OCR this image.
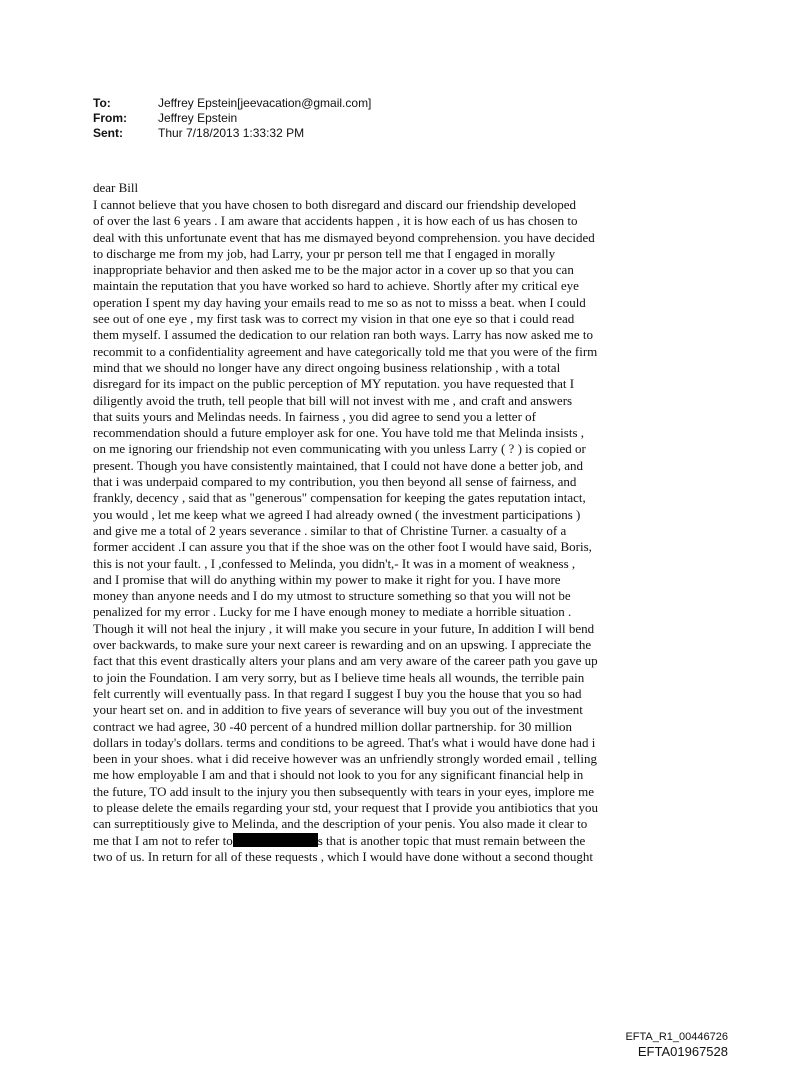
To:	Jeffrey Epstein[jeevacation@gmail.com]
From:	Jeffrey Epstein
Sent:	Thur 7/18/2013 1:33:32 PM
dear Bill
I cannot believe that you have chosen to both disregard and discard our friendship developed
of over the last 6 years . I am aware that accidents happen , it is how each of us has chosen to
deal with this unfortunate event that has me dismayed beyond comprehension. you have decided
to discharge me from my job, had Larry, your pr person tell me that I engaged in morally
inappropriate behavior and then asked me to be the major actor in a cover up so that you can
maintain the reputation that you have worked so hard to achieve. Shortly after my critical eye
operation I spent my day having your emails read to me so as not to misss a beat. when I could
see out of one eye , my first task was to correct my vision in that one eye so that i could read
them myself. I assumed the dedication to our relation ran both ways. Larry has now asked me to
recommit to a confidentiality agreement and have categorically told me that you were of the firm
mind that we should no longer have any direct ongoing business relationship , with a total
disregard for its impact on the public perception of MY reputation. you have requested that I
diligently avoid the truth, tell people that bill will not invest with me , and craft and answers
that suits yours and Melindas needs. In fairness , you did agree to send you a letter of
recommendation should a future employer ask for one. You have told me that Melinda insists ,
on me ignoring our friendship not even communicating with you unless Larry ( ? ) is copied or
present. Though you have consistently maintained, that I could not have done a better job, and
that i was underpaid compared to my contribution, you then beyond all sense of fairness, and
frankly, decency , said that as "generous" compensation for keeping the gates reputation intact,
you would , let me keep what we agreed I had already owned ( the investment participations )
and give me a total of 2 years severance . similar to that of Christine Turner. a casualty of a
former accident .I can assure you that if the shoe was on the other foot I would have said, Boris,
this is not your fault. , I ,confessed to Melinda, you didn't,- It was in a moment of weakness ,
and I promise that will do anything within my power to make it right for you. I have more
money than anyone needs and I do my utmost to structure something so that you will not be
penalized for my error . Lucky for me I have enough money to mediate a horrible situation .
Though it will not heal the injury , it will make you secure in your future, In addition I will bend
over backwards, to make sure your next career is rewarding and on an upswing. I appreciate the
fact that this event drastically alters your plans and am very aware of the career path you gave up
to join the Foundation. I am very sorry, but as I believe time heals all wounds, the terrible pain
felt currently will eventually pass. In that regard I suggest I buy you the house that you so had
your heart set on. and in addition to five years of severance will buy you out of the investment
contract we had agree, 30 -40 percent of a hundred million dollar partnership. for 30 million
dollars in today's dollars. terms and conditions to be agreed. That's what i would have done had i
been in your shoes. what i did receive however was an unfriendly strongly worded email , telling
me how employable I am and that i should not look to you for any significant financial help in
the future, TO add insult to the injury you then subsequently with tears in your eyes, implore me
to please delete the emails regarding your std, your request that I provide you antibiotics that you
can surreptitiously give to Melinda, and the description of your penis. You also made it clear to
me that I am not to refer to	s that is another topic that must remain between the
two of us. In return for all of these requests , which I would have done without a second thought
EFTA_R1_00446726
EFTA01967528
